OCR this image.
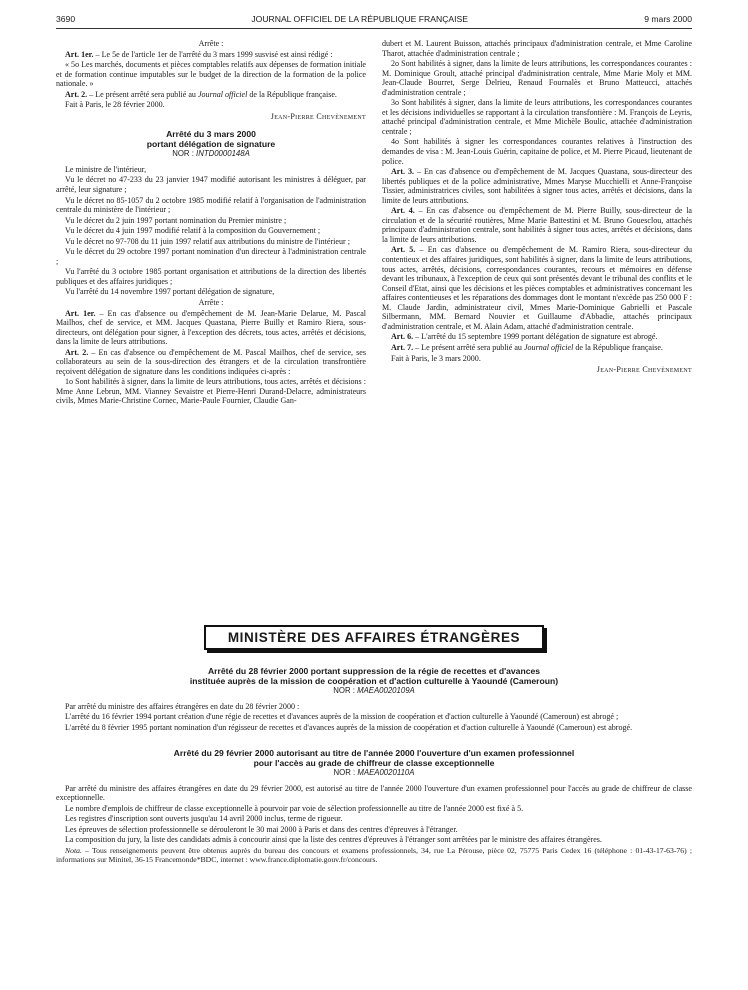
3690	JOURNAL OFFICIEL DE LA RÉPUBLIQUE FRANÇAISE	9 mars 2000

Arrête :

Art. 1er. – Le 5e de l'article 1er de l'arrêté du 3 mars 1999 susvisé est ainsi rédigé :

« 5o Les marchés, documents et pièces comptables relatifs aux dépenses de formation initiale et de formation continue imputables sur le budget de la direction de la formation de la police nationale. »

Art. 2. – Le présent arrêté sera publié au Journal officiel de la République française.

Fait à Paris, le 28 février 2000.

Jean-Pierre Chevènement

Arrêté du 3 mars 2000
portant délégation de signature
NOR : INTD0000148A

Le ministre de l'intérieur,

Vu le décret no 47-233 du 23 janvier 1947 modifié autorisant les ministres à déléguer, par arrêté, leur signature ;

Vu le décret no 85-1057 du 2 octobre 1985 modifié relatif à l'organisation de l'administration centrale du ministère de l'intérieur ;

Vu le décret du 2 juin 1997 portant nomination du Premier ministre ;

Vu le décret du 4 juin 1997 modifié relatif à la composition du Gouvernement ;

Vu le décret no 97-708 du 11 juin 1997 relatif aux attributions du ministre de l'intérieur ;

Vu le décret du 29 octobre 1997 portant nomination d'un directeur à l'administration centrale ;

Vu l'arrêté du 3 octobre 1985 portant organisation et attributions de la direction des libertés publiques et des affaires juridiques ;

Vu l'arrêté du 14 novembre 1997 portant délégation de signature,

Arrête :

Art. 1er. – En cas d'absence ou d'empêchement de M. Jean-Marie Delarue, M. Pascal Mailhos, chef de service, et MM. Jacques Quastana, Pierre Builly et Ramiro Riera, sous-directeurs, ont délégation pour signer, à l'exception des décrets, tous actes, arrêtés et décisions, dans la limite de leurs attributions.

Art. 2. – En cas d'absence ou d'empêchement de M. Pascal Mailhos, chef de service, ses collaborateurs au sein de la sous-direction des étrangers et de la circulation transfrontière reçoivent délégation de signature dans les conditions indiquées ci-après :

1o Sont habilités à signer, dans la limite de leurs attributions, tous actes, arrêtés et décisions : Mme Anne Lebrun, MM. Vianney Sevaistre et Pierre-Henri Durand-Delacre, administrateurs civils, Mmes Marie-Christine Cornec, Marie-Paule Fournier, Claudie Gan-

dubert et M. Laurent Buisson, attachés principaux d'administration centrale, et Mme Caroline Tharot, attachée d'administration centrale ;

2o Sont habilités à signer, dans la limite de leurs attributions, les correspondances courantes : M. Dominique Groult, attaché principal d'administration centrale, Mme Marie Moly et MM. Jean-Claude Bourret, Serge Delrieu, Renaud Fournalès et Bruno Matteucci, attachés d'administration centrale ;

3o Sont habilités à signer, dans la limite de leurs attributions, les correspondances courantes et les décisions individuelles se rapportant à la circulation transfontière : M. François de Leyris, attaché principal d'administration centrale, et Mme Michèle Boulic, attachée d'administration centrale ;

4o Sont habilités à signer les correspondances courantes relatives à l'instruction des demandes de visa : M. Jean-Louis Guérin, capitaine de police, et M. Pierre Picaud, lieutenant de police.

Art. 3. – En cas d'absence ou d'empêchement de M. Jacques Quastana, sous-directeur des libertés publiques et de la police administrative, Mmes Maryse Mucchielli et Anne-Françoise Tissier, administratrices civiles, sont habilitées à signer tous actes, arrêtés et décisions, dans la limite de leurs attributions.

Art. 4. – En cas d'absence ou d'empêchement de M. Pierre Builly, sous-directeur de la circulation et de la sécurité routières, Mme Marie Battestini et M. Bruno Gouesclou, attachés principaux d'administration centrale, sont habilités à signer tous actes, arrêtés et décisions, dans la limite de leurs attributions.

Art. 5. – En cas d'absence ou d'empêchement de M. Ramiro Riera, sous-directeur du contentieux et des affaires juridiques, sont habilités à signer, dans la limite de leurs attributions, tous actes, arrêtés, décisions, correspondances courantes, recours et mémoires en défense devant les tribunaux, à l'exception de ceux qui sont présentés devant le tribunal des conflits et le Conseil d'Etat, ainsi que les décisions et les pièces comptables et administratives concernant les affaires contentieuses et les réparations des dommages dont le montant n'excède pas 250 000 F : M. Claude Jardin, administrateur civil, Mmes Marie-Dominique Gabrielli et Pascale Silbermann, MM. Bernard Nouvier et Guillaume d'Abbadie, attachés principaux d'administration centrale, et M. Alain Adam, attaché d'administration centrale.

Art. 6. – L'arrêté du 15 septembre 1999 portant délégation de signature est abrogé.

Art. 7. – Le présent arrêté sera publié au Journal officiel de la République française.

Fait à Paris, le 3 mars 2000.

Jean-Pierre Chevènement

MINISTÈRE DES AFFAIRES ÉTRANGÈRES
Arrêté du 28 février 2000 portant suppression de la régie de recettes et d'avances
instituée auprès de la mission de coopération et d'action culturelle à Yaoundé (Cameroun)
NOR : MAEA0020109A

Par arrêté du ministre des affaires étrangères en date du 28 février 2000 :

L'arrêté du 16 février 1994 portant création d'une régie de recettes et d'avances auprès de la mission de coopération et d'action culturelle à Yaoundé (Cameroun) est abrogé ;

L'arrêté du 8 février 1995 portant nomination d'un régisseur de recettes et d'avances auprès de la mission de coopération et d'action culturelle à Yaoundé (Cameroun) est abrogé.

Arrêté du 29 février 2000 autorisant au titre de l'année 2000 l'ouverture d'un examen professionnel
pour l'accès au grade de chiffreur de classe exceptionnelle
NOR : MAEA0020110A

Par arrêté du ministre des affaires étrangères en date du 29 février 2000, est autorisé au titre de l'année 2000 l'ouverture d'un examen professionnel pour l'accès au grade de chiffreur de classe exceptionnelle.

Le nombre d'emplois de chiffreur de classe exceptionnelle à pourvoir par voie de sélection professionnelle au titre de l'année 2000 est fixé à 5.

Les registres d'inscription sont ouverts jusqu'au 14 avril 2000 inclus, terme de rigueur.

Les épreuves de sélection professionnelle se dérouleront le 30 mai 2000 à Paris et dans des centres d'épreuves à l'étranger.

La composition du jury, la liste des candidats admis à concourir ainsi que la liste des centres d'épreuves à l'étranger sont arrêtées par le ministre des affaires étrangères.

Nota. – Tous renseignements peuvent être obtenus auprès du bureau des concours et examens professionnels, 34, rue La Pérouse, pièce 02, 75775 Paris Cedex 16 (téléphone : 01-43-17-63-76) ; informations sur Minitel, 36-15 Francemonde*BDC, internet : www.france.diplomatie.gouv.fr/concours.
